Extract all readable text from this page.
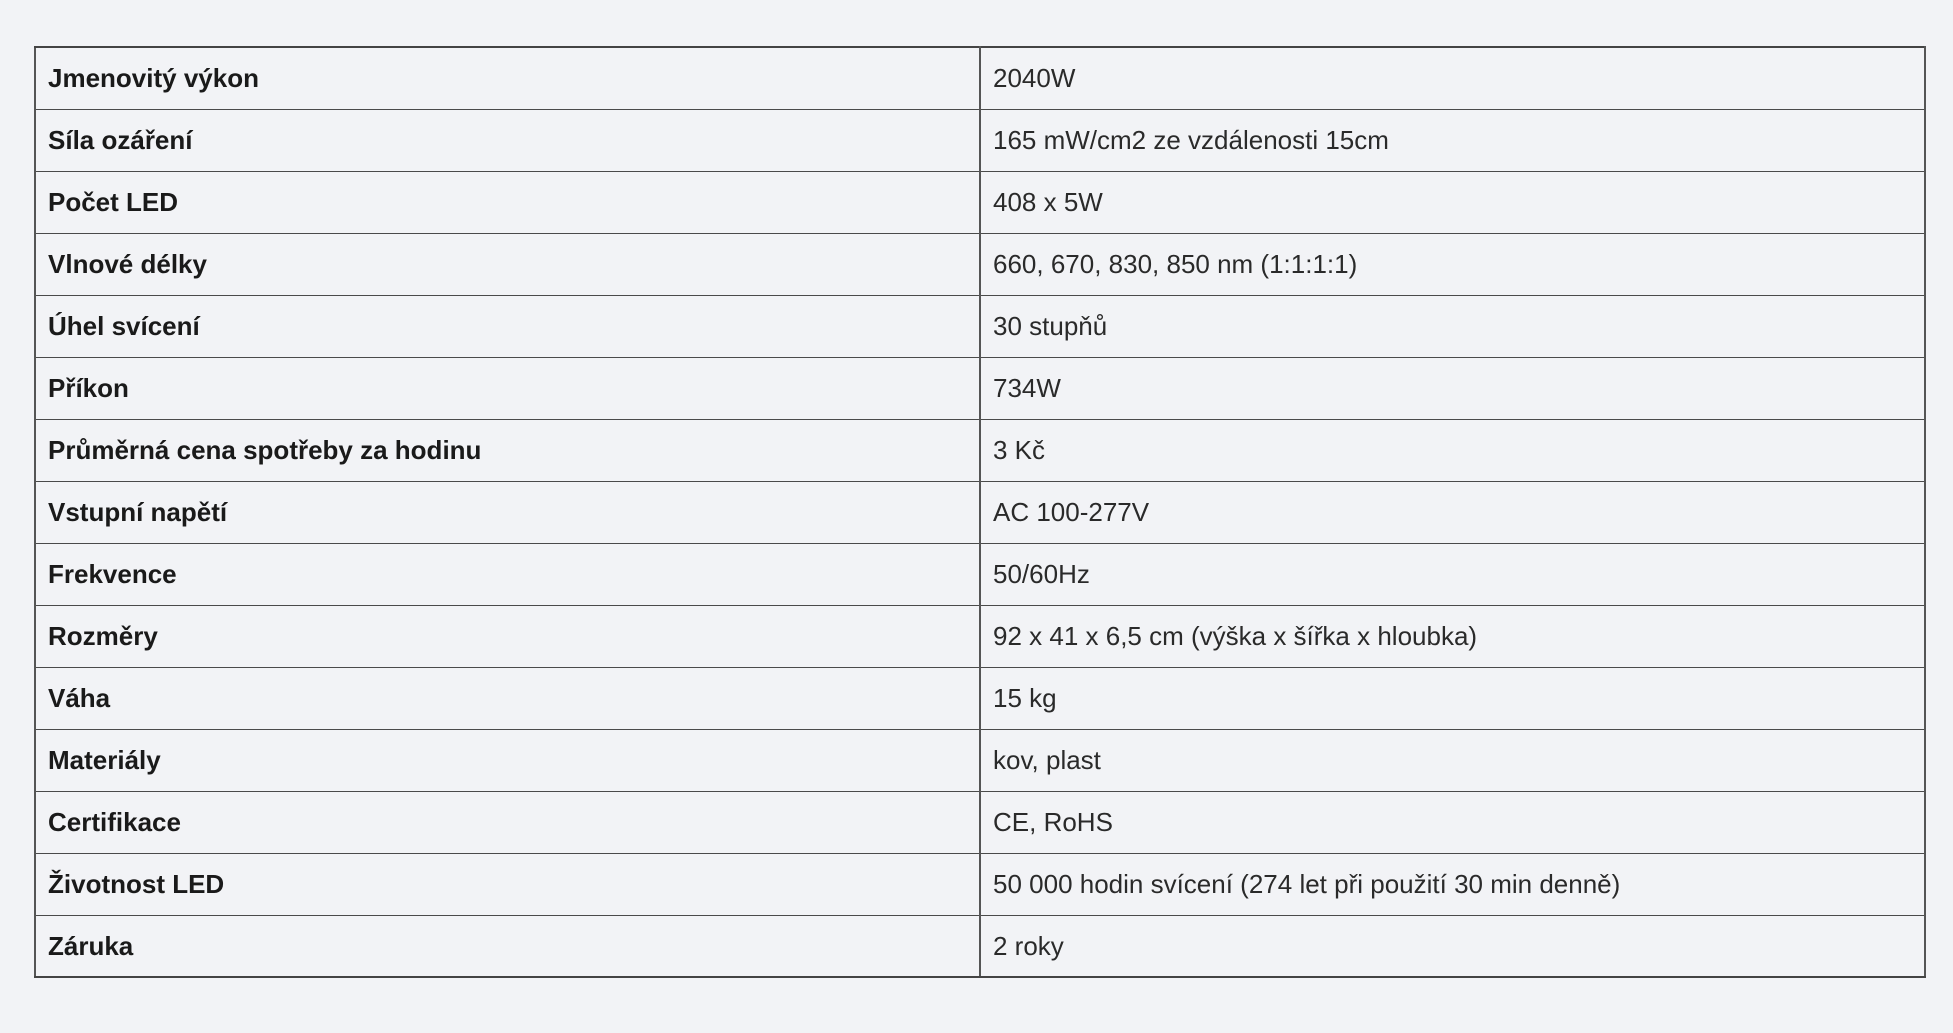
Jmenovitý výkon	2040W
Síla ozáření	165 mW/cm2 ze vzdálenosti 15cm
Počet LED	408 x 5W
Vlnové délky	660, 670, 830, 850 nm (1:1:1:1)
Úhel svícení	30 stupňů
Příkon	734W
Průměrná cena spotřeby za hodinu	3 Kč
Vstupní napětí	AC 100-277V
Frekvence	50/60Hz
Rozměry	92 x 41 x 6,5 cm (výška x šířka x hloubka)
Váha	15 kg
Materiály	kov, plast
Certifikace	CE, RoHS
Životnost LED	50 000 hodin svícení (274 let při použití 30 min denně)
Záruka	2 roky
